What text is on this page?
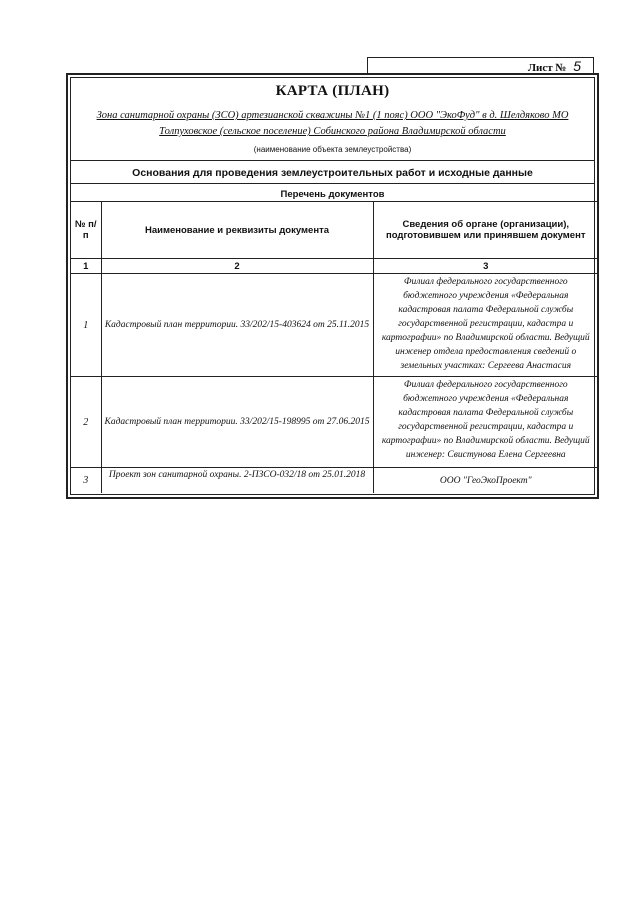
Лист № 5
КАРТА (ПЛАН)
Зона санитарной охраны (ЗСО) артезианской скважины №1 (1 пояс) ООО "ЭкоФуд" в д. Шелдяково МО Толпуховское (сельское поселение) Собинского района Владимирской области
(наименование объекта землеустройства)
Основания для проведения землеустроительных работ и исходные данные
Перечень документов
№ п/п	Наименование и реквизиты документа	Сведения об органе (организации), подготовившем или принявшем документ
1	2	3
1	Кадастровый план территории. 33/202/15-403624 от 25.11.2015	Филиал федерального государственного бюджетного учреждения «Федеральная кадастровая палата Федеральной службы государственной регистрации, кадастра и картографии» по Владимирской области. Ведущий инженер отдела предоставления сведений о земельных участках: Сергеева Анастасия

2	Кадастровый план территории. 33/202/15-198995 от 27.06.2015	Филиал федерального государственного бюджетного учреждения «Федеральная кадастровая палата Федеральной службы государственной регистрации, кадастра и картографии» по Владимирской области. Ведущий инженер: Свистунова Елена Сергеевна

3	Проект зон санитарной охраны. 2-ПЗСО-032/18 от 25.01.2018	ООО "ГеоЭкоПроект"
